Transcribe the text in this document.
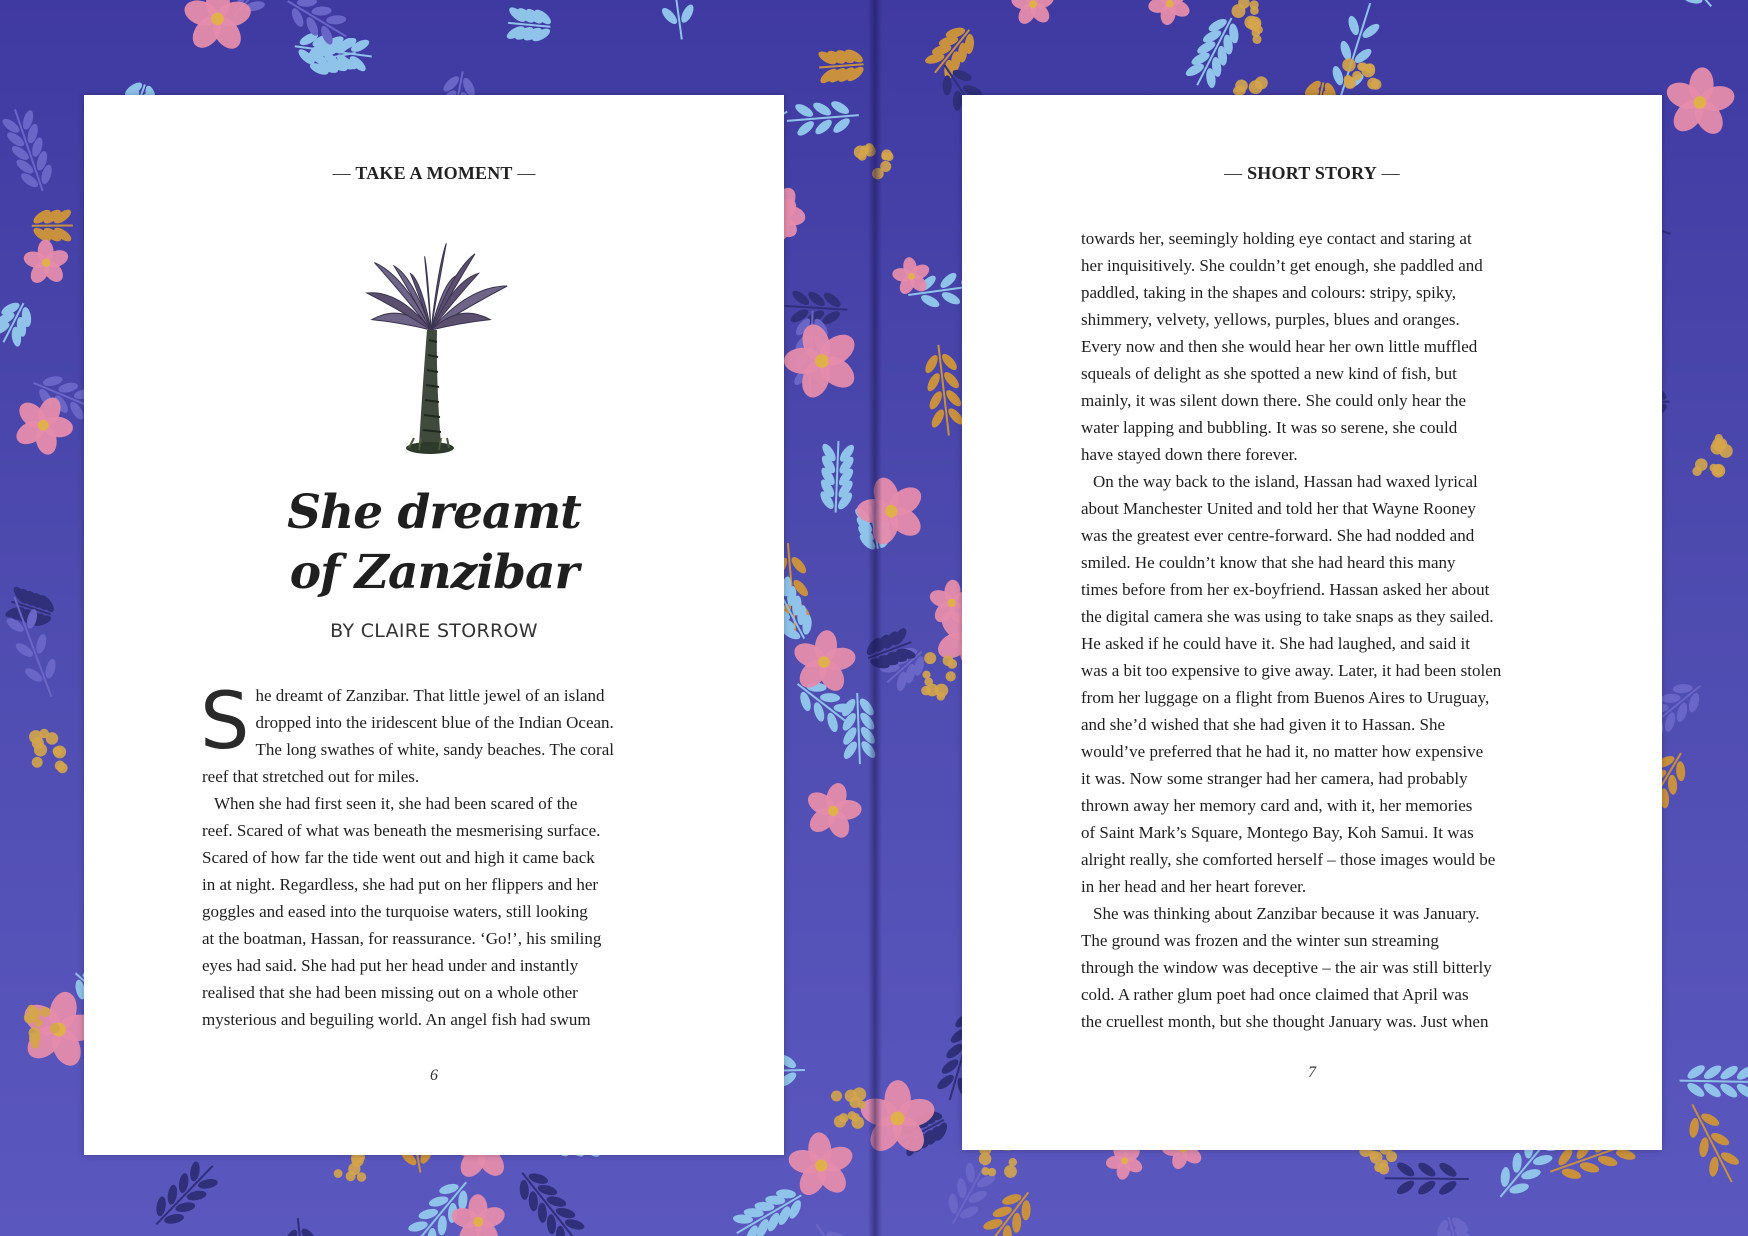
— TAKE A MOMENT —
She dreamt
of Zanzibar
BY CLAIRE STORROW

S he dreamt of Zanzibar. That little jewel of an island
dropped into the iridescent blue of the Indian Ocean.
The long swathes of white, sandy beaches. The coral
reef that stretched out for miles.

When she had first seen it, she had been scared of the
reef. Scared of what was beneath the mesmerising surface.
Scared of how far the tide went out and high it came back
in at night. Regardless, she had put on her flippers and her
goggles and eased into the turquoise waters, still looking
at the boatman, Hassan, for reassurance. ‘Go!’, his smiling
eyes had said. She had put her head under and instantly
realised that she had been missing out on a whole other
mysterious and beguiling world. An angel fish had swum

6
— SHORT STORY —

towards her, seemingly holding eye contact and staring at
her inquisitively. She couldn’t get enough, she paddled and
paddled, taking in the shapes and colours: stripy, spiky,
shimmery, velvety, yellows, purples, blues and oranges.
Every now and then she would hear her own little muffled
squeals of delight as she spotted a new kind of fish, but
mainly, it was silent down there. She could only hear the
water lapping and bubbling. It was so serene, she could
have stayed down there forever.

On the way back to the island, Hassan had waxed lyrical
about Manchester United and told her that Wayne Rooney
was the greatest ever centre-forward. She had nodded and
smiled. He couldn’t know that she had heard this many
times before from her ex-boyfriend. Hassan asked her about
the digital camera she was using to take snaps as they sailed.
He asked if he could have it. She had laughed, and said it
was a bit too expensive to give away. Later, it had been stolen
from her luggage on a flight from Buenos Aires to Uruguay,
and she’d wished that she had given it to Hassan. She
would’ve preferred that he had it, no matter how expensive
it was. Now some stranger had her camera, had probably
thrown away her memory card and, with it, her memories
of Saint Mark’s Square, Montego Bay, Koh Samui. It was
alright really, she comforted herself – those images would be
in her head and her heart forever.

She was thinking about Zanzibar because it was January.
The ground was frozen and the winter sun streaming
through the window was deceptive – the air was still bitterly
cold. A rather glum poet had once claimed that April was
the cruellest month, but she thought January was. Just when

7
